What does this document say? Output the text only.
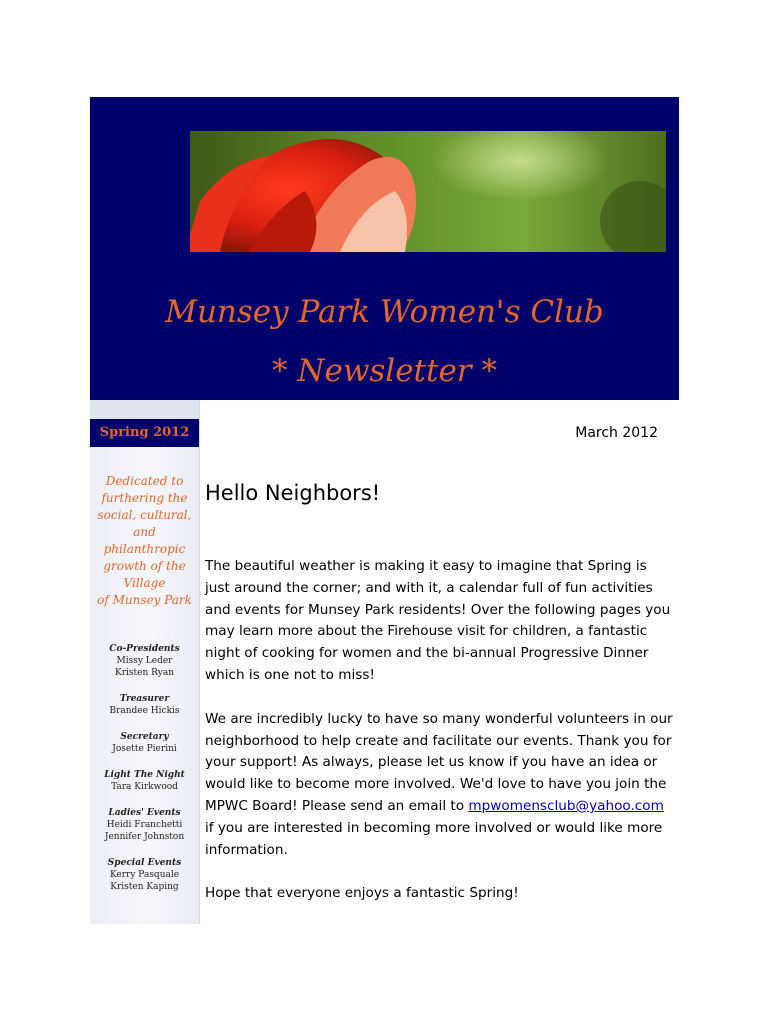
Munsey Park Women's Club
* Newsletter *
Spring 2012
Dedicated to
furthering the
social, cultural,
and
philanthropic
growth of the
Village
of Munsey Park
Co-Presidents
Missy Leder
Kristen Ryan
Treasurer
Brandee Hickis
Secretary
Josette Pierini
Light The Night
Tara Kirkwood
Ladies' Events
Heidi Franchetti
Jennifer Johnston
Special Events
Kerry Pasquale
Kristen Kaping
March 2012
Hello Neighbors!

The beautiful weather is making it easy to imagine that Spring is just around the corner; and with it, a calendar full of fun activities and events for Munsey Park residents! Over the following pages you may learn more about the Firehouse visit for children, a fantastic night of cooking for women and the bi-annual Progressive Dinner which is one not to miss!

We are incredibly lucky to have so many wonderful volunteers in our neighborhood to help create and facilitate our events. Thank you for your support! As always, please let us know if you have an idea or would like to become more involved. We'd love to have you join the MPWC Board! Please send an email to mpwomensclub@yahoo.com if you are interested in becoming more involved or would like more information.

Hope that everyone enjoys a fantastic Spring!
